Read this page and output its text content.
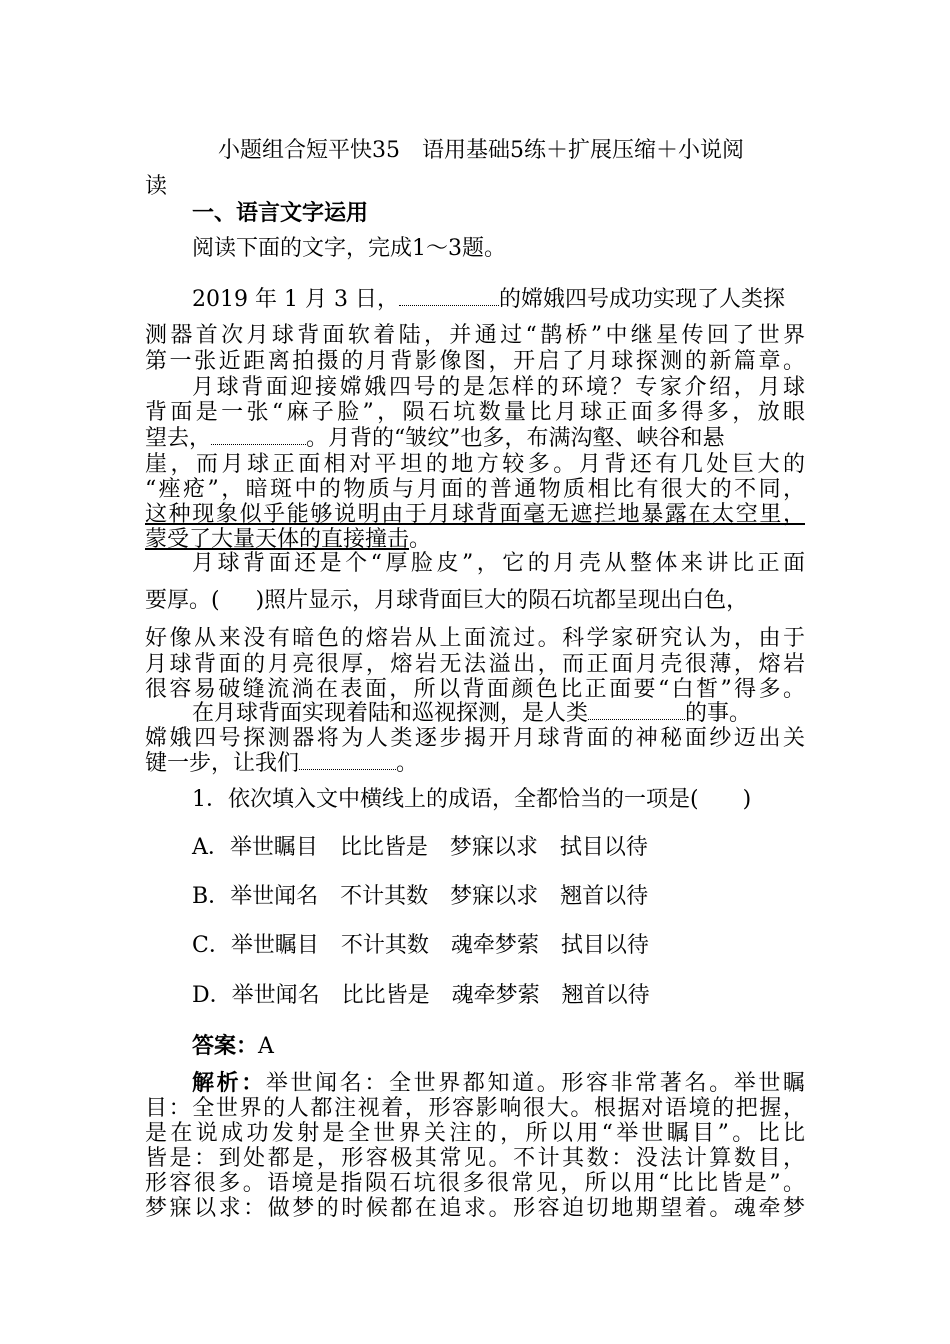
小题组合短平快35　语用基础5练＋扩展压缩＋小说阅
读
一、语言文字运用
阅读下面的文字，完成1～3题。
2019 年 1 月 3 日，	的嫦娥四号成功实现了人类探
测器首次月球背面软着陆，并通过“鹊桥”中继星传回了世界
第一张近距离拍摄的月背影像图，开启了月球探测的新篇章。
月球背面迎接嫦娥四号的是怎样的环境？专家介绍，月球
背面是一张“麻子脸”，陨石坑数量比月球正面多得多，放眼
望去，	。月背的“皱纹”也多，布满沟壑、峡谷和悬
崖，而月球正面相对平坦的地方较多。月背还有几处巨大的
“痤疮”，暗斑中的物质与月面的普通物质相比有很大的不同，
这种现象似乎能够说明由于月球背面毫无遮拦地暴露在太空里，
蒙受了大量天体的直接撞击。
月球背面还是个“厚脸皮”，它的月壳从整体来讲比正面
要厚。( )照片显示，月球背面巨大的陨石坑都呈现出白色，
好像从来没有暗色的熔岩从上面流过。科学家研究认为，由于
月球背面的月亮很厚，熔岩无法溢出，而正面月壳很薄，熔岩
很容易破缝流淌在表面，所以背面颜色比正面要“白皙”得多。
在月球背面实现着陆和巡视探测，是人类	的事。
嫦娥四号探测器将为人类逐步揭开月球背面的神秘面纱迈出关
键一步，让我们	。
1．依次填入文中横线上的成语，全都恰当的一项是(　　)
A．举世瞩目　比比皆是　梦寐以求　拭目以待
B．举世闻名　不计其数　梦寐以求　翘首以待
C．举世瞩目　不计其数　魂牵梦萦　拭目以待
D．举世闻名　比比皆是　魂牵梦萦　翘首以待
答案：A
解析：举世闻名：全世界都知道。形容非常著名。举世瞩
目：全世界的人都注视着，形容影响很大。根据对语境的把握，
是在说成功发射是全世界关注的，所以用“举世瞩目”。比比
皆是：到处都是，形容极其常见。不计其数：没法计算数目，
形容很多。语境是指陨石坑很多很常见，所以用“比比皆是”。
梦寐以求：做梦的时候都在追求。形容迫切地期望着。魂牵梦
